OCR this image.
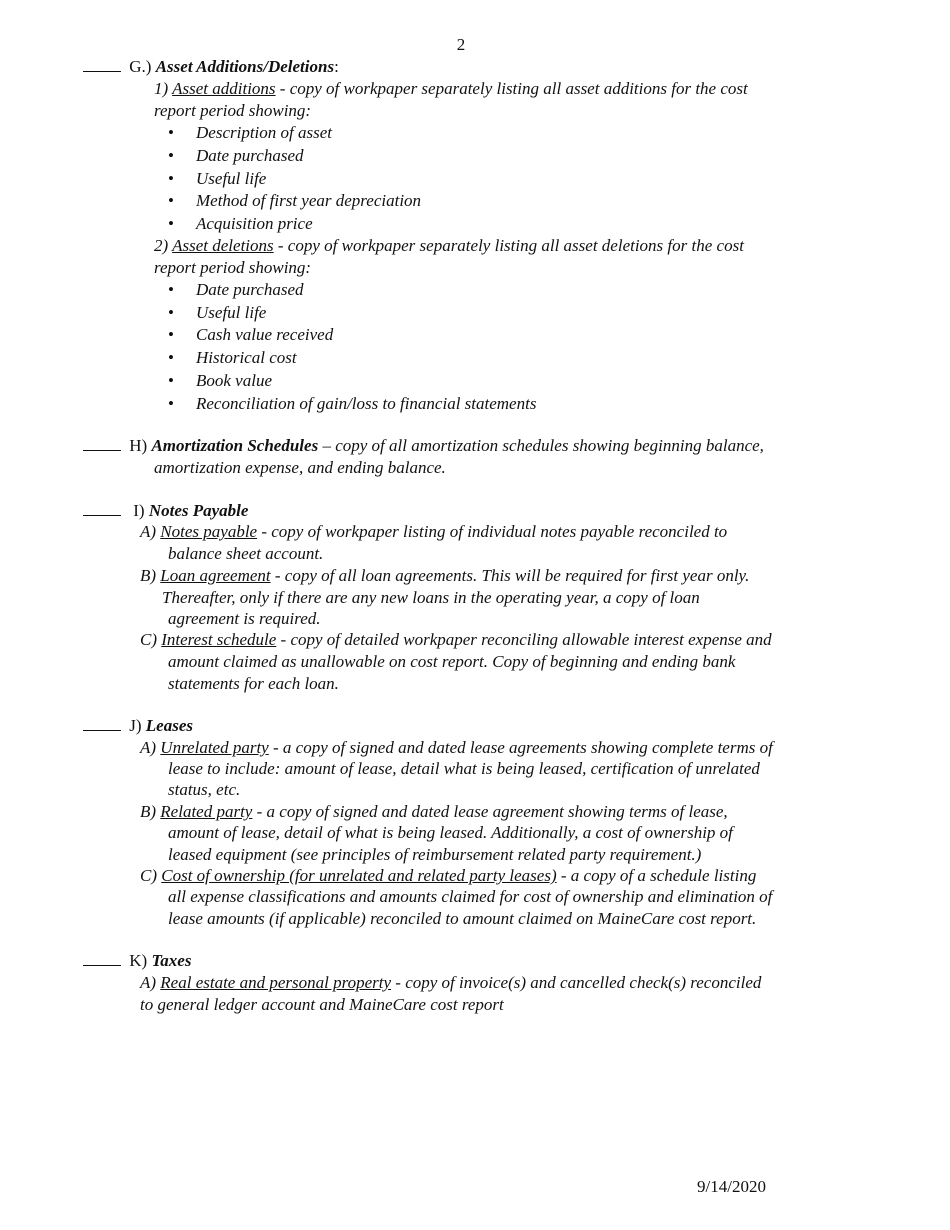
2
G.) Asset Additions/Deletions:
1) Asset additions - copy of workpaper separately listing all asset additions for the cost
report period showing:
• Description of asset
• Date purchased
• Useful life
• Method of first year depreciation
• Acquisition price
2) Asset deletions - copy of workpaper separately listing all asset deletions for the cost
report period showing:
• Date purchased
• Useful life
• Cash value received
• Historical cost
• Book value
• Reconciliation of gain/loss to financial statements
H) Amortization Schedules – copy of all amortization schedules showing beginning balance,
amortization expense, and ending balance.
I) Notes Payable
A) Notes payable - copy of workpaper listing of individual notes payable reconciled to
balance sheet account.
B) Loan agreement - copy of all loan agreements. This will be required for first year only.
Thereafter, only if there are any new loans in the operating year, a copy of loan
agreement is required.
C) Interest schedule - copy of detailed workpaper reconciling allowable interest expense and
amount claimed as unallowable on cost report. Copy of beginning and ending bank
statements for each loan.
J) Leases
A) Unrelated party - a copy of signed and dated lease agreements showing complete terms of
lease to include: amount of lease, detail what is being leased, certification of unrelated
status, etc.
B) Related party - a copy of signed and dated lease agreement showing terms of lease,
amount of lease, detail of what is being leased. Additionally, a cost of ownership of
leased equipment (see principles of reimbursement related party requirement.)
C) Cost of ownership (for unrelated and related party leases) - a copy of a schedule listing
all expense classifications and amounts claimed for cost of ownership and elimination of
lease amounts (if applicable) reconciled to amount claimed on MaineCare cost report.
K) Taxes
A) Real estate and personal property - copy of invoice(s) and cancelled check(s) reconciled
to general ledger account and MaineCare cost report
9/14/2020
